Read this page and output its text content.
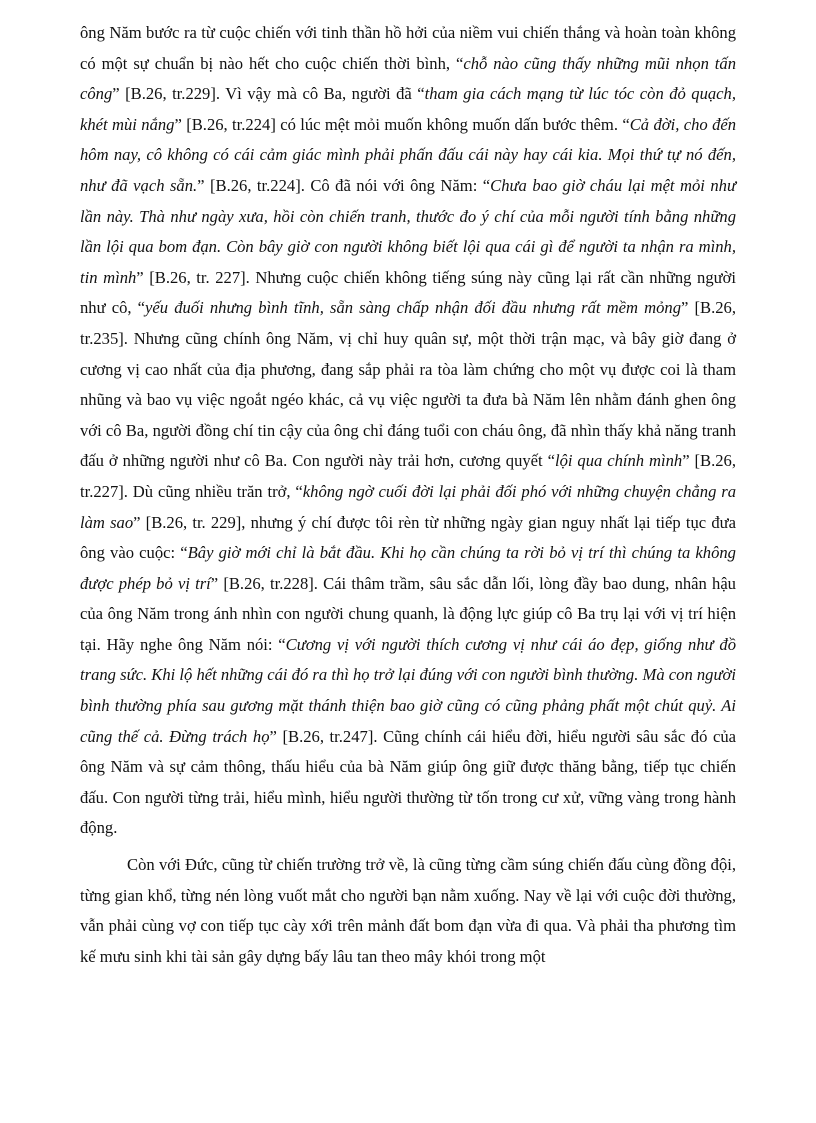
ông Năm bước ra từ cuộc chiến với tinh thần hồ hởi của niềm vui chiến thắng và hoàn toàn không có một sự chuẩn bị nào hết cho cuộc chiến thời bình, “chỗ nào cũng thấy những mũi nhọn tấn công” [B.26, tr.229]. Vì vậy mà cô Ba, người đã “tham gia cách mạng từ lúc tóc còn đỏ quạch, khét mùi nắng” [B.26, tr.224] có lúc mệt mỏi muốn không muốn dấn bước thêm. “Cả đời, cho đến hôm nay, cô không có cái cảm giác mình phải phấn đấu cái này hay cái kia. Mọi thứ tự nó đến, như đã vạch sẵn.” [B.26, tr.224]. Cô đã nói với ông Năm: “Chưa bao giờ cháu lại mệt mỏi như lần này. Thà như ngày xưa, hồi còn chiến tranh, thước đo ý chí của mỗi người tính bằng những lần lội qua bom đạn. Còn bây giờ con người không biết lội qua cái gì để người ta nhận ra mình, tin mình” [B.26, tr. 227]. Nhưng cuộc chiến không tiếng súng này cũng lại rất cần những người như cô, “yếu đuối nhưng bình tĩnh, sẵn sàng chấp nhận đối đầu nhưng rất mềm mỏng” [B.26, tr.235]. Nhưng cũng chính ông Năm, vị chỉ huy quân sự, một thời trận mạc, và bây giờ đang ở cương vị cao nhất của địa phương, đang sắp phải ra tòa làm chứng cho một vụ được coi là tham nhũng và bao vụ việc ngoắt ngéo khác, cả vụ việc người ta đưa bà Năm lên nhằm đánh ghen ông với cô Ba, người đồng chí tin cậy của ông chỉ đáng tuổi con cháu ông, đã nhìn thấy khả năng tranh đấu ở những người như cô Ba. Con người này trải hơn, cương quyết “lội qua chính mình” [B.26, tr.227]. Dù cũng nhiều trăn trở, “không ngờ cuối đời lại phải đối phó với những chuyện chẳng ra làm sao” [B.26, tr. 229], nhưng ý chí được tôi rèn từ những ngày gian nguy nhất lại tiếp tục đưa ông vào cuộc: “Bây giờ mới chỉ là bắt đầu. Khi họ cần chúng ta rời bỏ vị trí thì chúng ta không được phép bỏ vị trí” [B.26, tr.228]. Cái thâm trầm, sâu sắc dẫn lối, lòng đầy bao dung, nhân hậu của ông Năm trong ánh nhìn con người chung quanh, là động lực giúp cô Ba trụ lại với vị trí hiện tại. Hãy nghe ông Năm nói: “Cương vị với người thích cương vị như cái áo đẹp, giống như đồ trang sức. Khi lộ hết những cái đó ra thì họ trở lại đúng với con người bình thường. Mà con người bình thường phía sau gương mặt thánh thiện bao giờ cũng có cũng phảng phất một chút quỷ. Ai cũng thế cả. Đừng trách họ” [B.26, tr.247]. Cũng chính cái hiểu đời, hiểu người sâu sắc đó của ông Năm và sự cảm thông, thấu hiểu của bà Năm giúp ông giữ được thăng bằng, tiếp tục chiến đấu. Con người từng trải, hiểu mình, hiểu người thường từ tốn trong cư xử, vững vàng trong hành động.

Còn với Đức, cũng từ chiến trường trở về, là cũng từng cầm súng chiến đấu cùng đồng đội, từng gian khổ, từng nén lòng vuốt mắt cho người bạn nằm xuống. Nay về lại với cuộc đời thường, vẫn phải cùng vợ con tiếp tục cày xới trên mảnh đất bom đạn vừa đi qua. Và phải tha phương tìm kế mưu sinh khi tài sản gây dựng bấy lâu tan theo mây khói trong một
